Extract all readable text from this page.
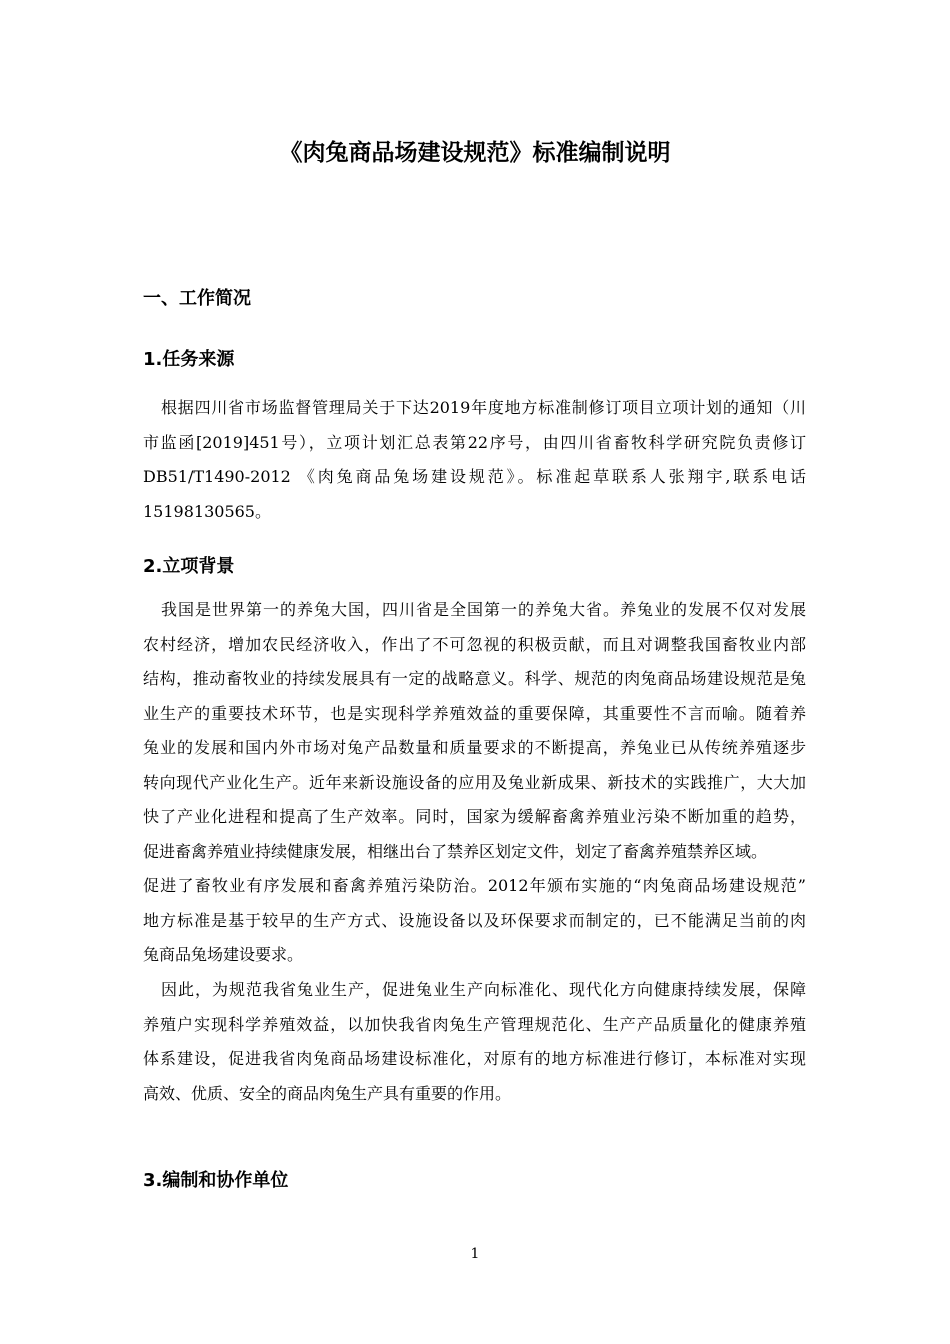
《肉兔商品场建设规范》标准编制说明
一、工作简况
1.任务来源
根据四川省市场监督管理局关于下达2019年度地方标准制修订项目立项计划的通知（川
市监函[2019]451号），立项计划汇总表第22序号，由四川省畜牧科学研究院负责修订
DB51/T1490-2012 《肉兔商品兔场建设规范》。标准起草联系人张翔宇,联系电话
15198130565。
2.立项背景
我国是世界第一的养兔大国，四川省是全国第一的养兔大省。养兔业的发展不仅对发展
农村经济，增加农民经济收入，作出了不可忽视的积极贡献，而且对调整我国畜牧业内部
结构，推动畜牧业的持续发展具有一定的战略意义。科学、规范的肉兔商品场建设规范是兔
业生产的重要技术环节，也是实现科学养殖效益的重要保障，其重要性不言而喻。随着养
兔业的发展和国内外市场对兔产品数量和质量要求的不断提高，养兔业已从传统养殖逐步
转向现代产业化生产。近年来新设施设备的应用及兔业新成果、新技术的实践推广，大大加
快了产业化进程和提高了生产效率。同时，国家为缓解畜禽养殖业污染不断加重的趋势，
促进畜禽养殖业持续健康发展，相继出台了禁养区划定文件，划定了畜禽养殖禁养区域。
促进了畜牧业有序发展和畜禽养殖污染防治。2012年颁布实施的“肉兔商品场建设规范”
地方标准是基于较早的生产方式、设施设备以及环保要求而制定的，已不能满足当前的肉
兔商品兔场建设要求。
因此，为规范我省兔业生产，促进兔业生产向标准化、现代化方向健康持续发展，保障
养殖户实现科学养殖效益，以加快我省肉兔生产管理规范化、生产产品质量化的健康养殖
体系建设，促进我省肉兔商品场建设标准化，对原有的地方标准进行修订，本标准对实现
高效、优质、安全的商品肉兔生产具有重要的作用。
3.编制和协作单位
1
